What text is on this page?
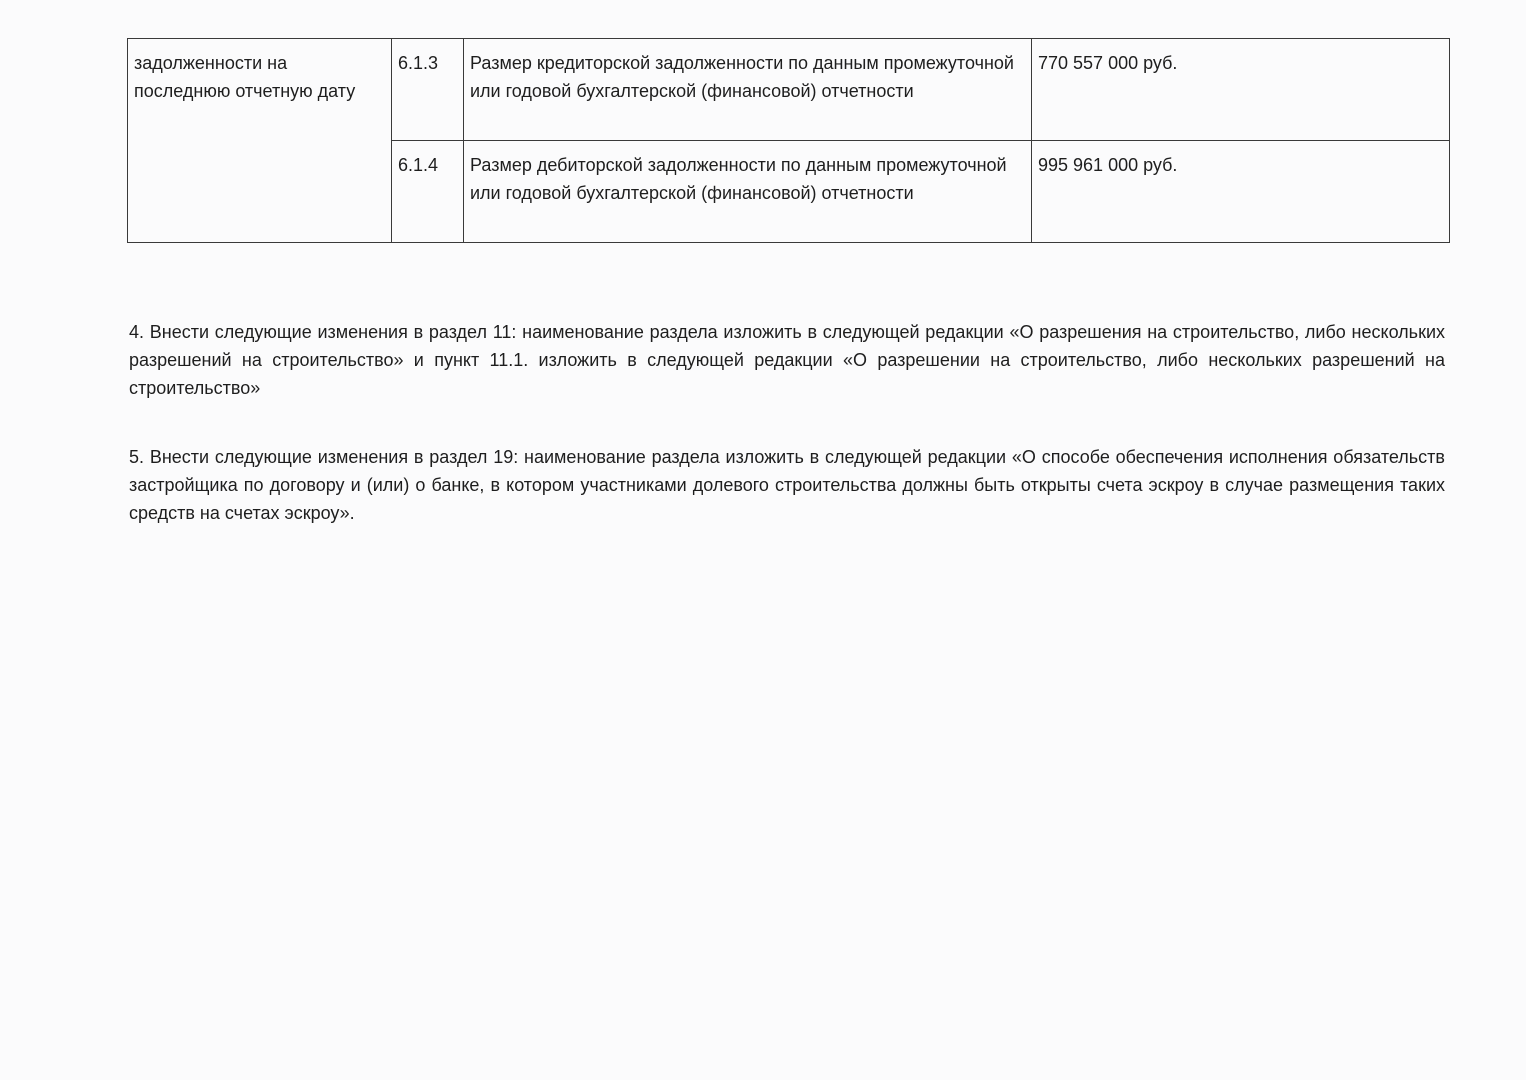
задолженности на последнюю отчетную дату	6.1.3	Размер кредиторской задолженности по данным промежуточной или годовой бухгалтерской (финансовой) отчетности	770 557 000 руб.
	6.1.4	Размер дебиторской задолженности по данным промежуточной или годовой бухгалтерской (финансовой) отчетности	995 961 000 руб.

4. Внести следующие изменения в раздел 11: наименование раздела изложить в следующей редакции «О разрешения на строительство, либо нескольких разрешений на строительство» и пункт 11.1. изложить в следующей редакции «О разрешении на строительство, либо нескольких разрешений на строительство»

5. Внести следующие изменения в раздел 19: наименование раздела изложить в следующей редакции «О способе обеспечения исполнения обязательств застройщика по договору и (или) о банке, в котором участниками долевого строительства должны быть открыты счета эскроу в случае размещения таких средств на счетах эскроу».
